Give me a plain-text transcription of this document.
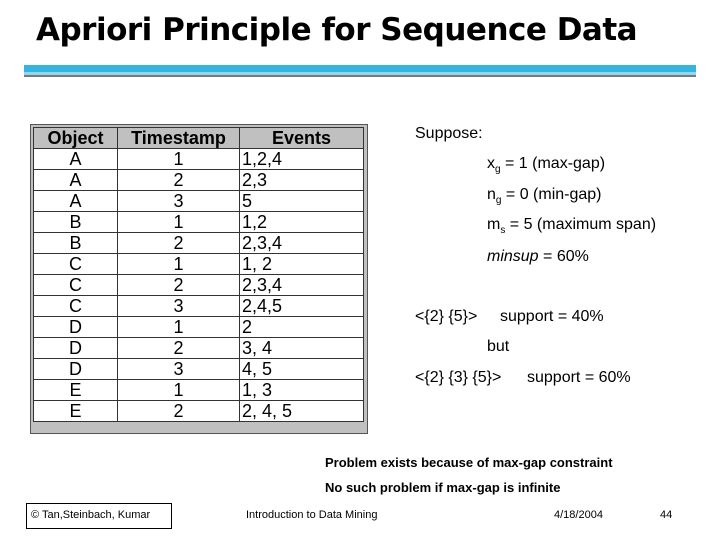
Apriori Principle for Sequence Data
Object	Timestamp	Events
A	1	1,2,4
A	2	2,3
A	3	5
B	1	1,2
B	2	2,3,4
C	1	1, 2
C	2	2,3,4
C	3	2,4,5
D	1	2
D	2	3, 4
D	3	4, 5
E	1	1, 3
E	2	2, 4, 5
Suppose:
$x_g = 1$ (max-gap)
$n_g = 0$ (min-gap)
$m_s = 5$ (maximum span)
minsup = 60%
<{2} {5}> support = 40%
but
<{2} {3} {5}> support = 60%
Problem exists because of max-gap constraint
No such problem if max-gap is infinite
© Tan,Steinbach, Kumar	Introduction to Data Mining	4/18/2004	44
